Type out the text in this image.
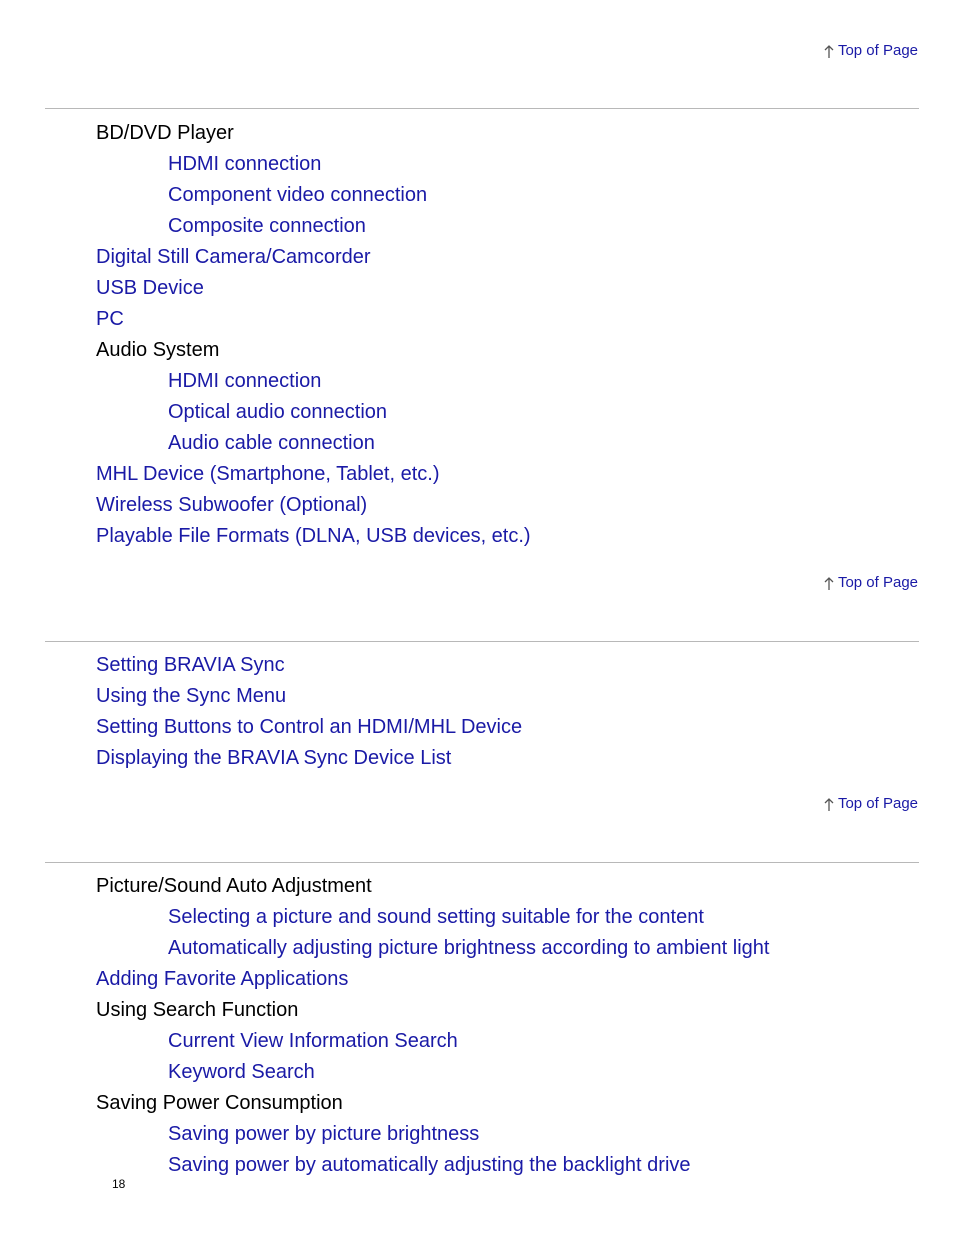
Top of Page
BD/DVD Player
HDMI connection
Component video connection
Composite connection
Digital Still Camera/Camcorder
USB Device
PC
Audio System
HDMI connection
Optical audio connection
Audio cable connection
MHL Device (Smartphone, Tablet, etc.)
Wireless Subwoofer (Optional)
Playable File Formats (DLNA, USB devices, etc.)
Top of Page
Setting BRAVIA Sync
Using the Sync Menu
Setting Buttons to Control an HDMI/MHL Device
Displaying the BRAVIA Sync Device List
Top of Page
Picture/Sound Auto Adjustment
Selecting a picture and sound setting suitable for the content
Automatically adjusting picture brightness according to ambient light
Adding Favorite Applications
Using Search Function
Current View Information Search
Keyword Search
Saving Power Consumption
Saving power by picture brightness
Saving power by automatically adjusting the backlight drive
18
